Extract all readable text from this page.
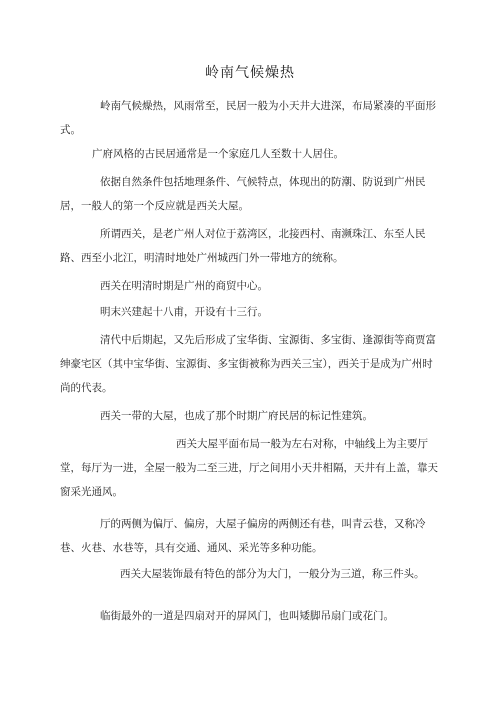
岭南气候燥热

岭南气候燥热，风雨常至，民居一般为小天井大进深，布局紧凑的平面形式。

广府风格的古民居通常是一个家庭几人至数十人居住。

依据自然条件包括地理条件、气候特点，体现出的防潮、防说到广州民居，一般人的第一个反应就是西关大屋。

所谓西关，是老广州人对位于荔湾区，北接西村、南濒珠江、东至人民路、西至小北江，明清时地处广州城西门外一带地方的统称。

西关在明清时期是广州的商贸中心。

明末兴建起十八甫，开设有十三行。

清代中后期起，又先后形成了宝华街、宝源街、多宝街、逢源街等商贾富绅豪宅区（其中宝华街、宝源街、多宝街被称为西关三宝），西关于是成为广州时尚的代表。

西关一带的大屋，也成了那个时期广府民居的标记性建筑。

西关大屋平面布局一般为左右对称，中轴线上为主要厅堂，每厅为一进，全屋一般为二至三进，厅之间用小天井相隔，天井有上盖，靠天窗采光通风。

厅的两侧为偏厅、偏房，大屋子偏房的两侧还有巷，叫青云巷，又称冷巷、火巷、水巷等，具有交通、通风、采光等多种功能。

西关大屋装饰最有特色的部分为大门，一般分为三道，称三件头。

临街最外的一道是四扇对开的屏风门，也叫矮脚吊扇门或花门。
